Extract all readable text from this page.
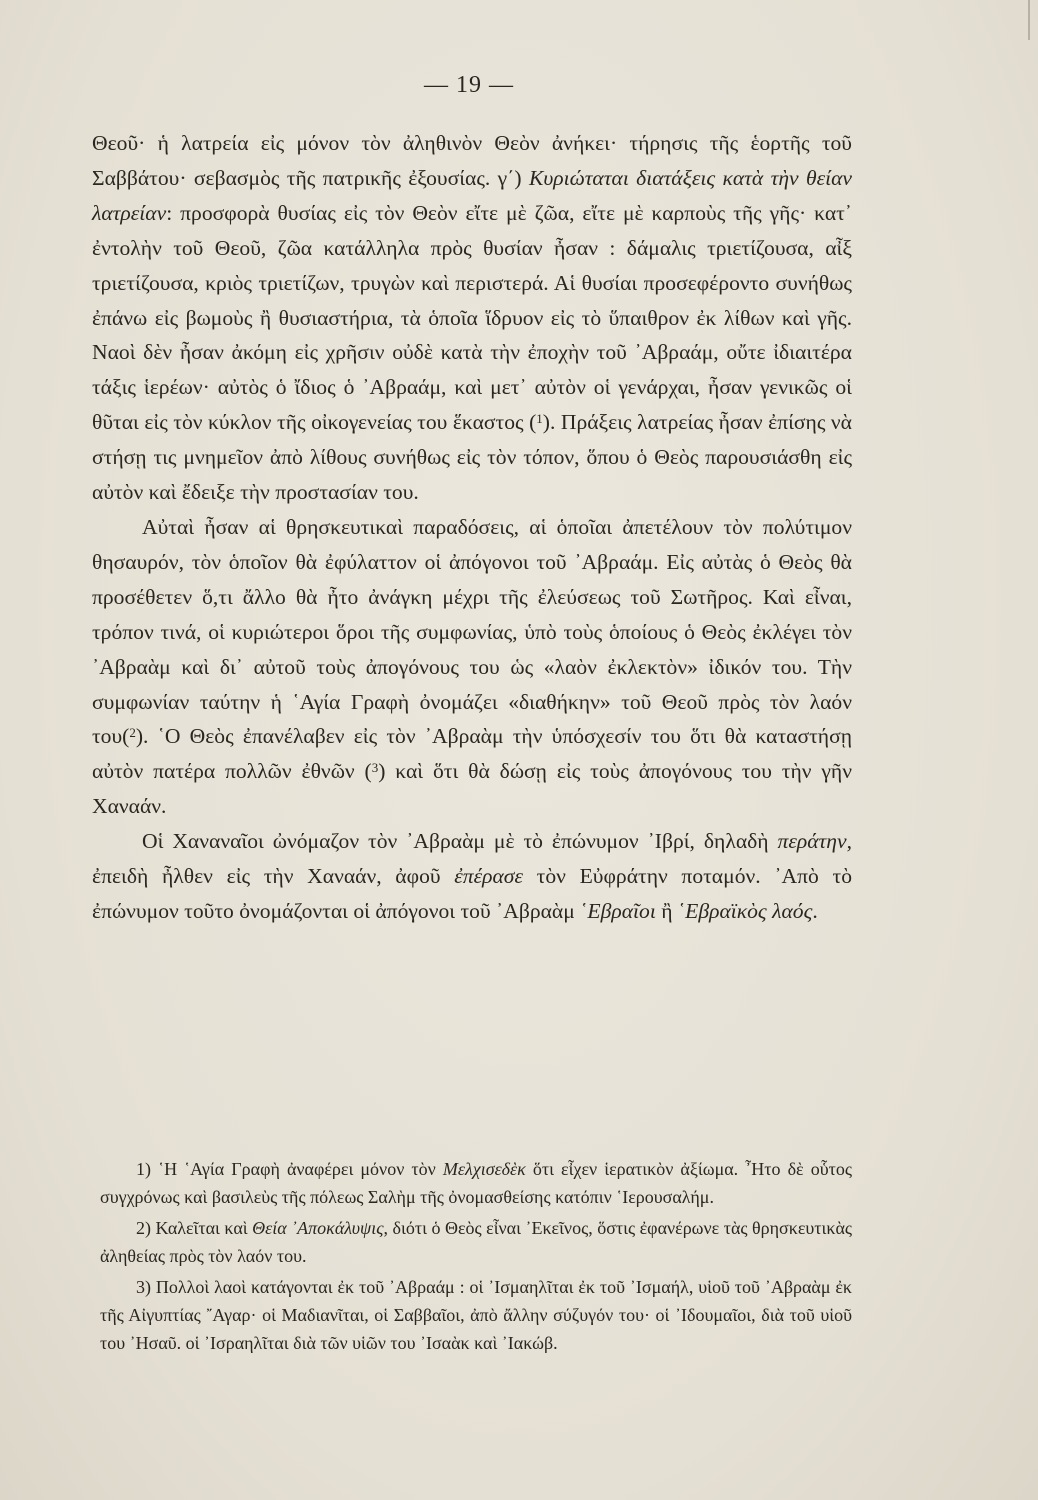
— 19 —

Θεοῦ· ἡ λατρεία εἰς μόνον τὸν ἀληθινὸν Θεὸν ἀνήκει· τήρησις τῆς ἑορτῆς τοῦ Σαββάτου· σεβασμὸς τῆς πατρικῆς ἐξουσίας. γ΄) Κυριώταται διατάξεις κατὰ τὴν θείαν λατρείαν: προσφορὰ θυσίας εἰς τὸν Θεὸν εἴτε μὲ ζῶα, εἴτε μὲ καρποὺς τῆς γῆς· κατ᾽ ἐντολὴν τοῦ Θεοῦ, ζῶα κατάλληλα πρὸς θυσίαν ἦσαν : δάμαλις τριετίζουσα, αἶξ τριετίζουσα, κριὸς τριετίζων, τρυγὼν καὶ περιστερά. Αἱ θυσίαι προσεφέροντο συνήθως ἐπάνω εἰς βωμοὺς ἢ θυσιαστήρια, τὰ ὁποῖα ἵδρυον εἰς τὸ ὕπαιθρον ἐκ λίθων καὶ γῆς. Ναοὶ δὲν ἦσαν ἀκόμη εἰς χρῆσιν οὐδὲ κατὰ τὴν ἐποχὴν τοῦ ᾿Αβραάμ, οὔτε ἰδιαιτέρα τάξις ἱερέων· αὐτὸς ὁ ἴδιος ὁ ᾿Αβραάμ, καὶ μετ᾽ αὐτὸν οἱ γενάρχαι, ἦσαν γενικῶς οἱ θῦται εἰς τὸν κύκλον τῆς οἰκογενείας του ἕκαστος ($^1$). Πράξεις λατρείας ἦσαν ἐπίσης νὰ στήσῃ τις μνημεῖον ἀπὸ λίθους συνήθως εἰς τὸν τόπον, ὅπου ὁ Θεὸς παρουσιάσθη εἰς αὐτὸν καὶ ἔδειξε τὴν προστασίαν του.

Αὐταὶ ἦσαν αἱ θρησκευτικαὶ παραδόσεις, αἱ ὁποῖαι ἀπετέλουν τὸν πολύτιμον θησαυρόν, τὸν ὁποῖον θὰ ἐφύλαττον οἱ ἀπόγονοι τοῦ ᾿Αβραάμ. Εἰς αὐτὰς ὁ Θεὸς θὰ προσέθετεν ὅ,τι ἄλλο θὰ ἦτο ἀνάγκη μέχρι τῆς ἐλεύσεως τοῦ Σωτῆρος. Καὶ εἶναι, τρόπον τινά, οἱ κυριώτεροι ὅροι τῆς συμφωνίας, ὑπὸ τοὺς ὁποίους ὁ Θεὸς ἐκλέγει τὸν ᾿Αβραὰμ καὶ δι᾽ αὐτοῦ τοὺς ἀπογόνους του ὡς «λαὸν ἐκλεκτὸν» ἰδικόν του. Τὴν συμφωνίαν ταύτην ἡ ῾Αγία Γραφὴ ὀνομάζει «διαθήκην» τοῦ Θεοῦ πρὸς τὸν λαόν του($^2$). ῾Ο Θεὸς ἐπανέλαβεν εἰς τὸν ᾿Αβραὰμ τὴν ὑπόσχεσίν του ὅτι θὰ καταστήσῃ αὐτὸν πατέρα πολλῶν ἐθνῶν ($^3$) καὶ ὅτι θὰ δώσῃ εἰς τοὺς ἀπογόνους του τὴν γῆν Χαναάν.

Οἱ Χαναναῖοι ὠνόμαζον τὸν ᾿Αβραὰμ μὲ τὸ ἐπώνυμον ᾿Ιβρί, δηλαδὴ περάτην, ἐπειδὴ ἦλθεν εἰς τὴν Χαναάν, ἀφοῦ ἐπέρασε τὸν Εὐφράτην ποταμόν. ᾿Απὸ τὸ ἐπώνυμον τοῦτο ὀνομάζονται οἱ ἀπόγονοι τοῦ ᾿Αβραὰμ ῾Εβραῖοι ἢ ῾Εβραϊκὸς λαός.

1) ῾Η ῾Αγία Γραφὴ ἀναφέρει μόνον τὸν Μελχισεδὲκ ὅτι εἶχεν ἱερατικὸν ἀξίωμα. ῏Ητο δὲ οὗτος συγχρόνως καὶ βασιλεὺς τῆς πόλεως Σαλὴμ τῆς ὀνομασθείσης κατόπιν ῾Ιερουσαλήμ.

2) Καλεῖται καὶ Θεία ᾿Αποκάλυψις, διότι ὁ Θεὸς εἶναι ᾿Εκεῖνος, ὅστις ἐφανέρωνε τὰς θρησκευτικὰς ἀληθείας πρὸς τὸν λαόν του.

3) Πολλοὶ λαοὶ κατάγονται ἐκ τοῦ ᾿Αβραάμ : οἱ ᾿Ισμαηλῖται ἐκ τοῦ ᾿Ισμαήλ, υἱοῦ τοῦ ᾿Αβραὰμ ἐκ τῆς Αἰγυπτίας ῎Αγαρ· οἱ Μαδιανῖται, οἱ Σαββαῖοι, ἀπὸ ἄλλην σύζυγόν του· οἱ ᾿Ιδουμαῖοι, διὰ τοῦ υἱοῦ του ᾿Ησαῦ. οἱ ᾿Ισραηλῖται διὰ τῶν υἱῶν του ᾿Ισαὰκ καὶ ᾿Ιακώβ.
